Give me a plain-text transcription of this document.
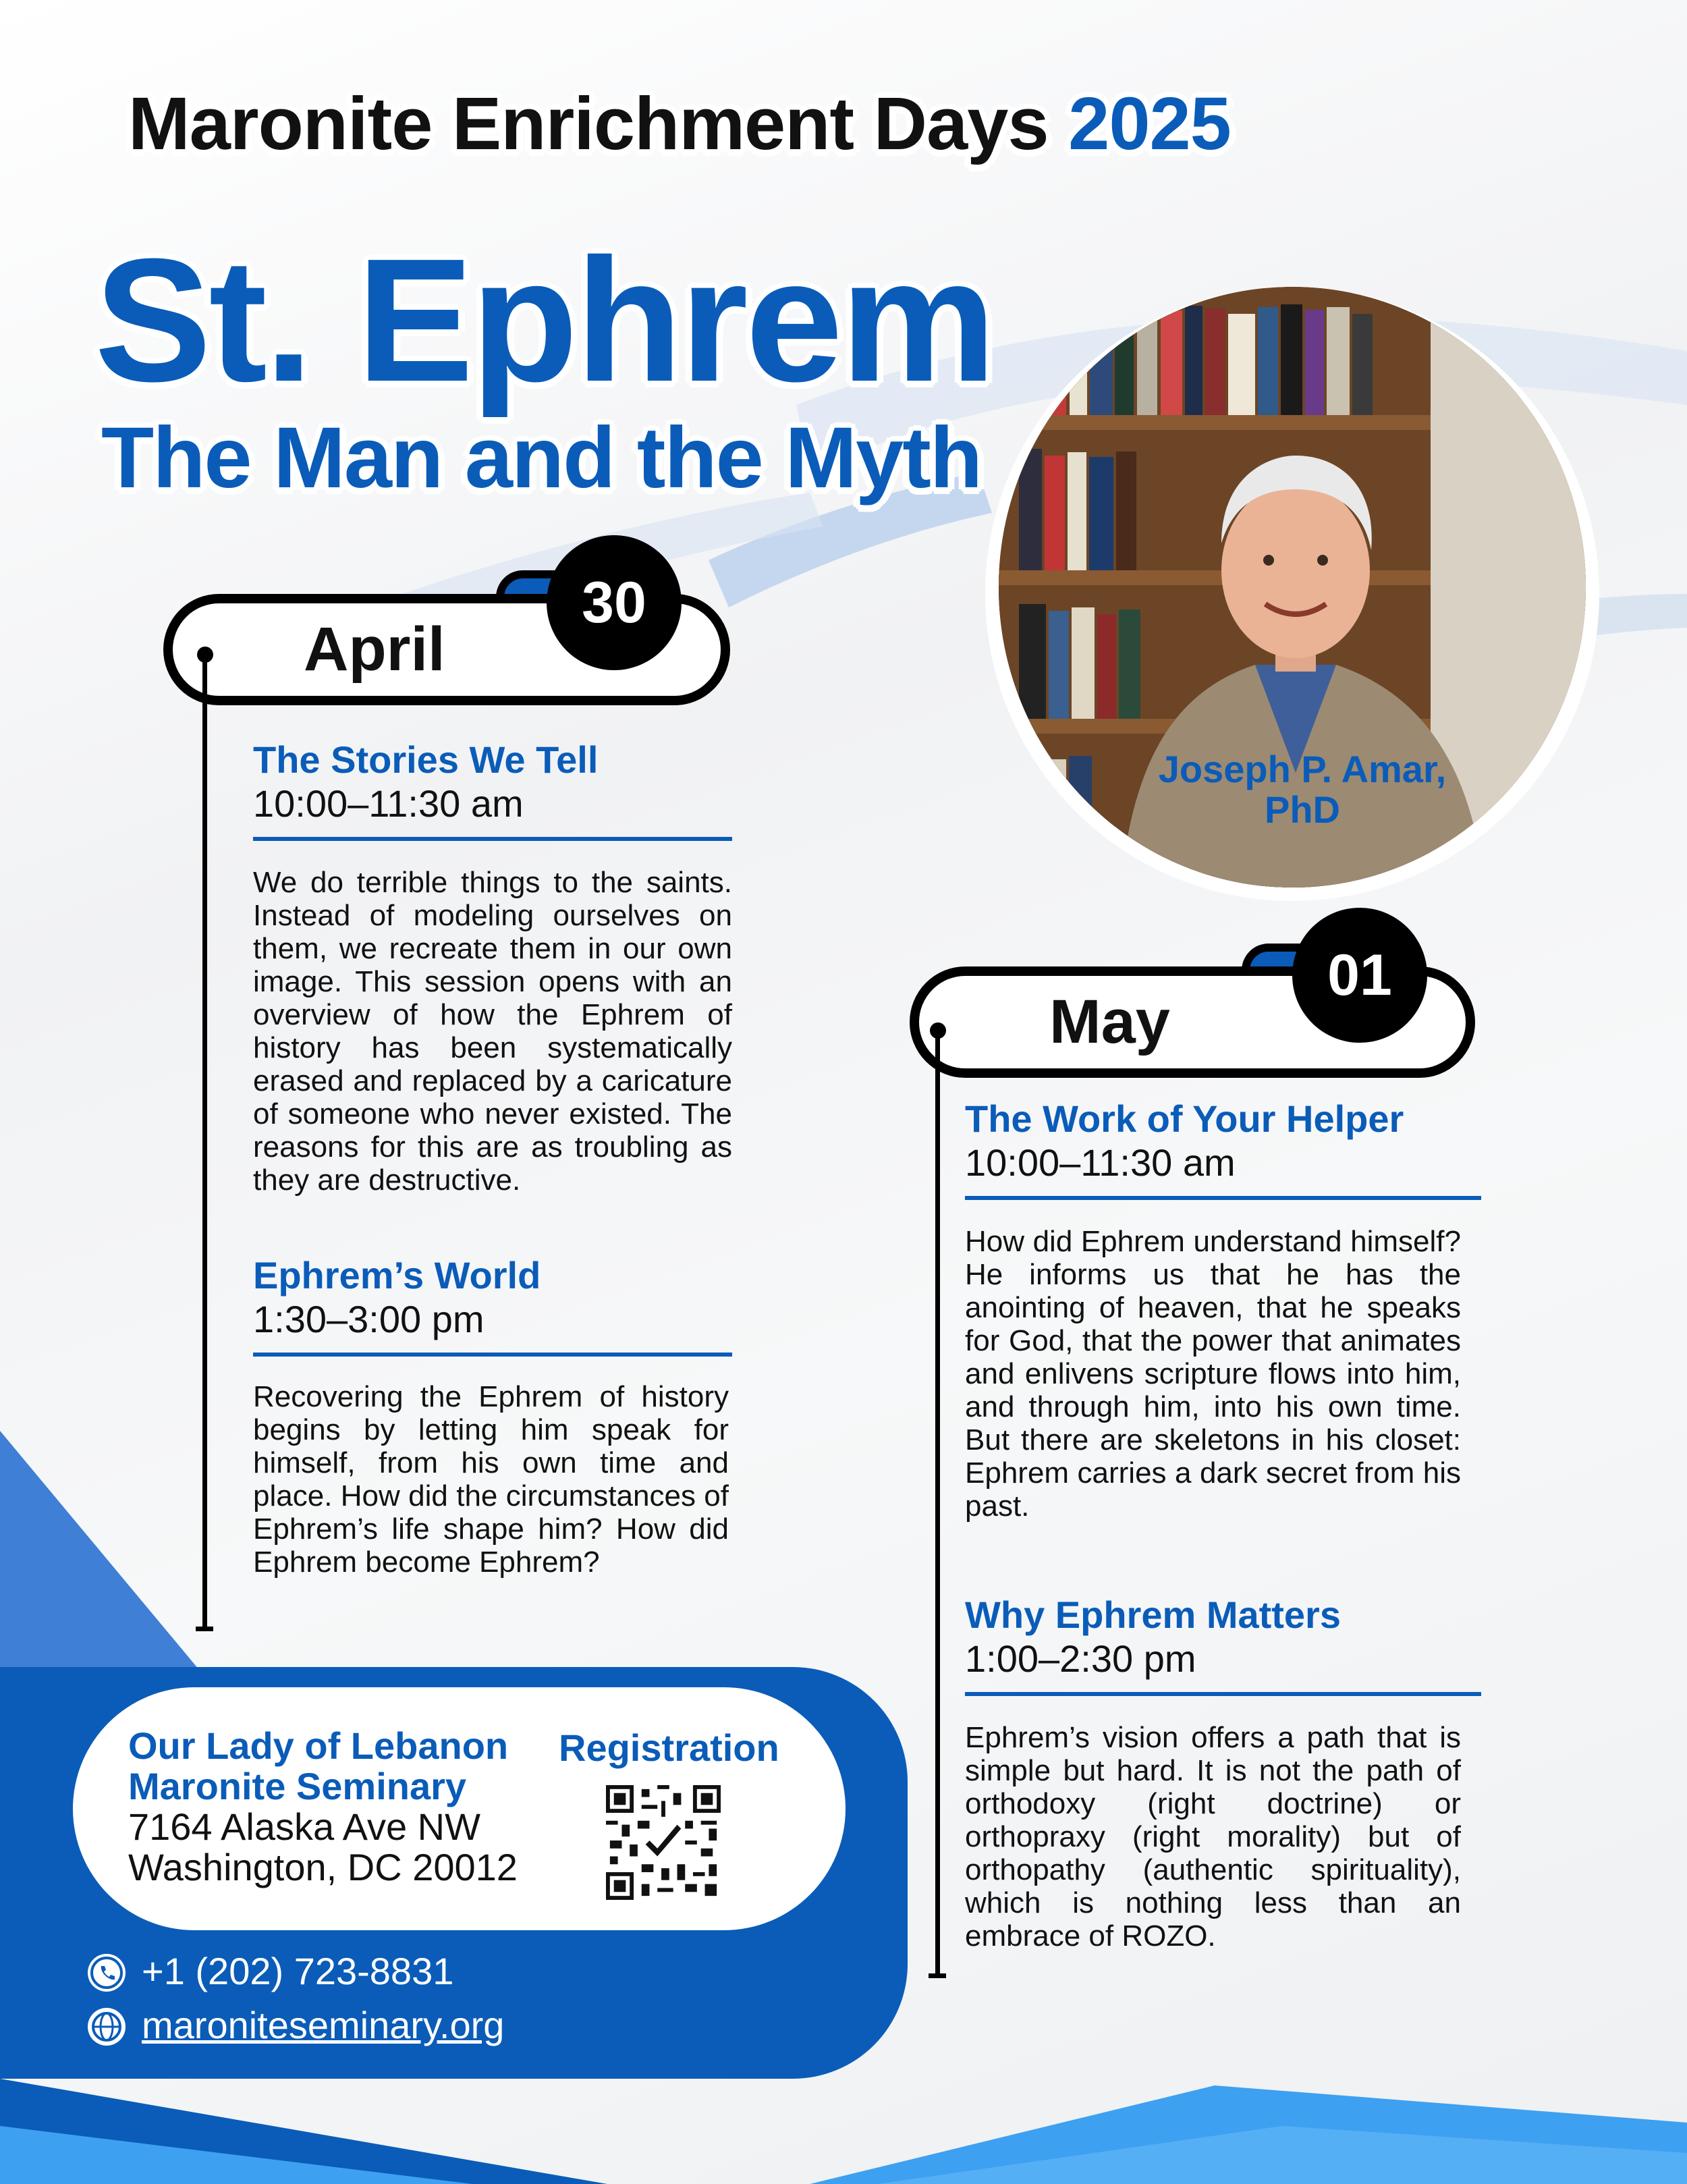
Maronite Enrichment Days 2025
St. Ephrem
The Man and the Myth
Joseph P. Amar,
PhD
April
30
The Stories We Tell
10:00–11:30 am
We do terrible things to the saints. Instead of modeling ourselves on them, we recreate them in our own image. This session opens with an overview of how the Ephrem of history has been systematically erased and replaced by a caricature of someone who never existed. The reasons for this are as troubling as they are destructive.
Ephrem’s World
1:30–3:00 pm
Recovering the Ephrem of history begins by letting him speak for himself, from his own time and place. How did the circumstances of Ephrem’s life shape him? How did Ephrem become Ephrem?
May
01
The Work of Your Helper
10:00–11:30 am
How did Ephrem understand himself? He informs us that he has the anointing of heaven, that he speaks for God, that the power that animates and enlivens scripture flows into him, and through him, into his own time. But there are skeletons in his closet: Ephrem carries a dark secret from his past.
Why Ephrem Matters
1:00–2:30 pm
Ephrem’s vision offers a path that is simple but hard. It is not the path of orthodoxy (right doctrine) or orthopraxy (right morality) but of orthopathy (authentic spirituality), which is nothing less than an embrace of ROZO.
Our Lady of Lebanon
Maronite Seminary
7164 Alaska Ave NW
Washington, DC 20012
Registration
+1 (202) 723-8831
maroniteseminary.org
